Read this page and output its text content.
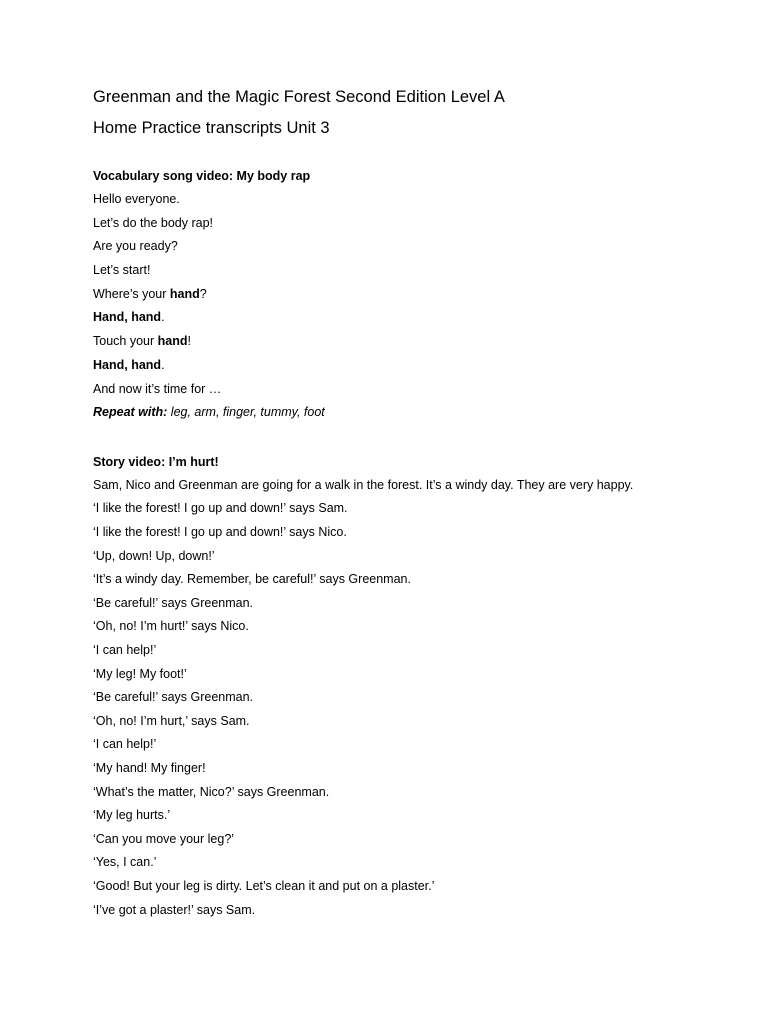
Greenman and the Magic Forest Second Edition Level A
Home Practice transcripts Unit 3
Vocabulary song video: My body rap
Hello everyone.
Let’s do the body rap!
Are you ready?
Let’s start!
Where’s your hand?
Hand, hand.
Touch your hand!
Hand, hand.
And now it’s time for …
Repeat with: leg, arm, finger, tummy, foot
Story video: I’m hurt!
Sam, Nico and Greenman are going for a walk in the forest. It’s a windy day. They are very happy.
‘I like the forest! I go up and down!’ says Sam.
‘I like the forest! I go up and down!’ says Nico.
‘Up, down! Up, down!’
‘It’s a windy day. Remember, be careful!’ says Greenman.
‘Be careful!’ says Greenman.
‘Oh, no! I’m hurt!’ says Nico.
‘I can help!’
‘My leg! My foot!’
‘Be careful!’ says Greenman.
‘Oh, no! I’m hurt,’ says Sam.
‘I can help!’
‘My hand! My finger!
‘What’s the matter, Nico?’ says Greenman.
‘My leg hurts.’
‘Can you move your leg?’
‘Yes, I can.’
‘Good! But your leg is dirty. Let’s clean it and put on a plaster.’
‘I’ve got a plaster!’ says Sam.
